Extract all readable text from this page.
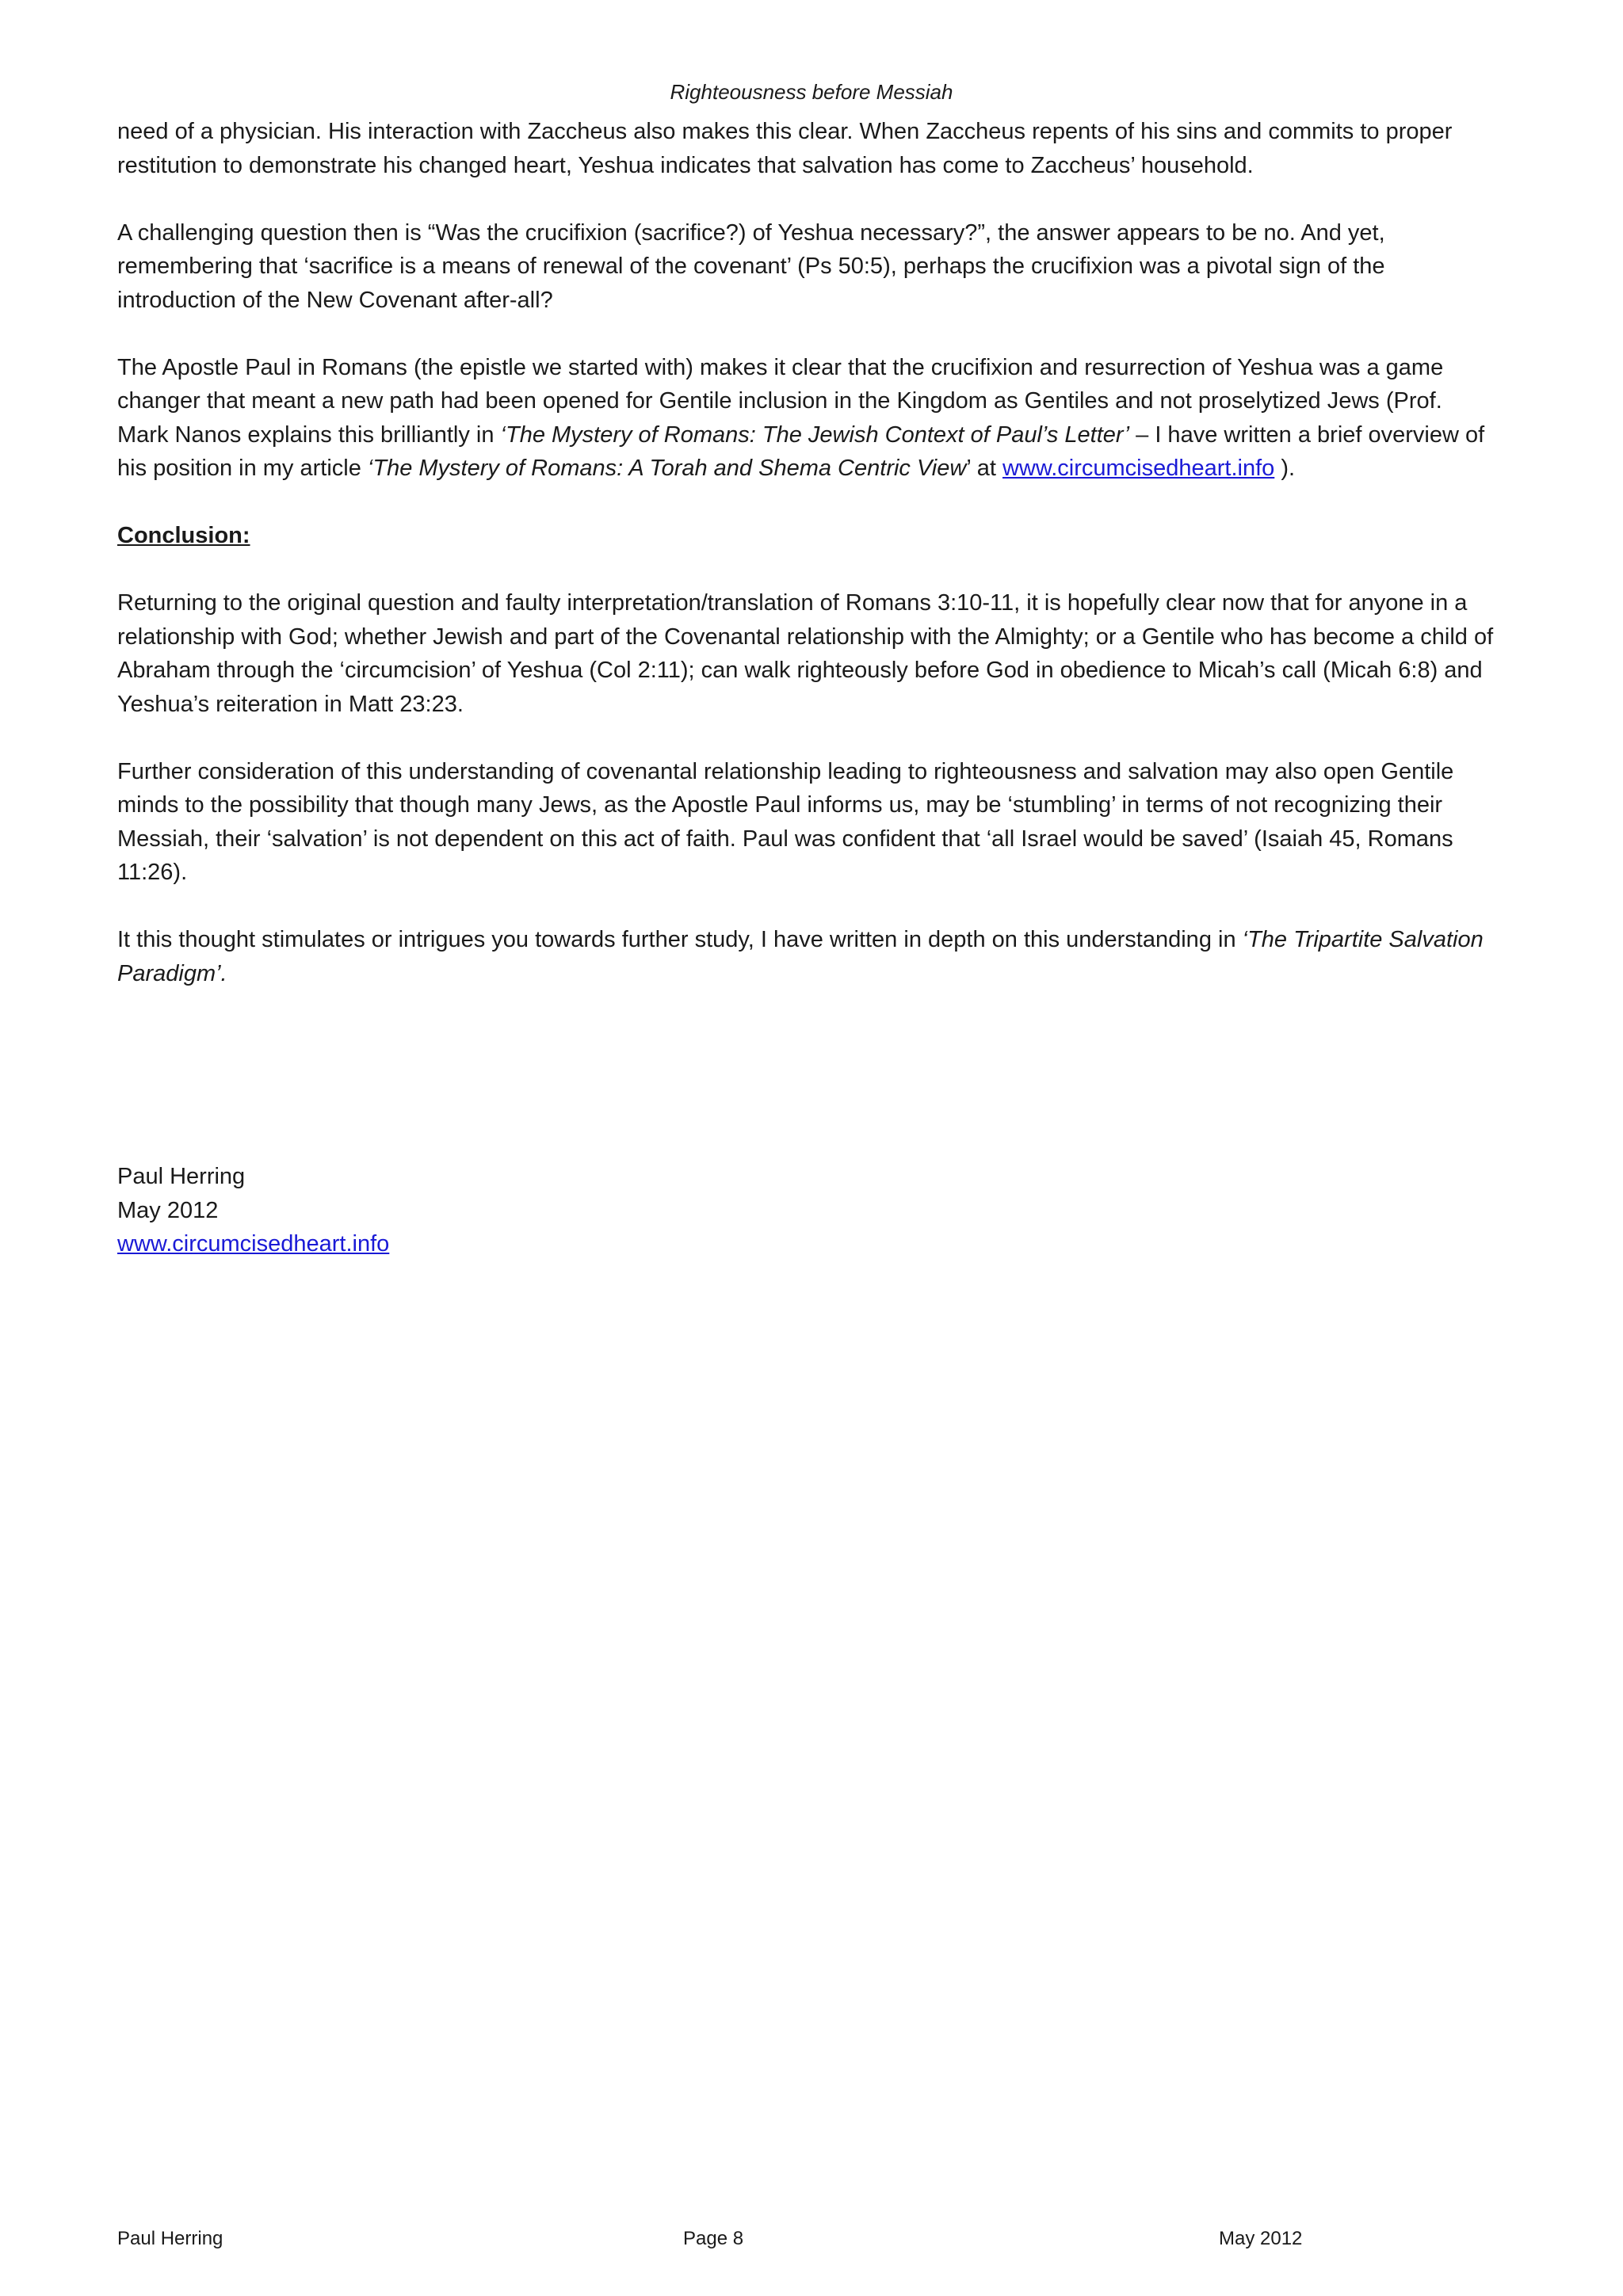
Righteousness before Messiah

need of a physician. His interaction with Zaccheus also makes this clear. When Zaccheus repents of his sins and commits to proper restitution to demonstrate his changed heart, Yeshua indicates that salvation has come to Zaccheus’ household.

A challenging question then is “Was the crucifixion (sacrifice?) of Yeshua necessary?”, the answer appears to be no. And yet, remembering that ‘sacrifice is a means of renewal of the covenant’ (Ps 50:5), perhaps the crucifixion was a pivotal sign of the introduction of the New Covenant after-all?

The Apostle Paul in Romans (the epistle we started with) makes it clear that the crucifixion and resurrection of Yeshua was a game changer that meant a new path had been opened for Gentile inclusion in the Kingdom as Gentiles and not proselytized Jews (Prof. Mark Nanos explains this brilliantly in ‘The Mystery of Romans: The Jewish Context of Paul’s Letter’ – I have written a brief overview of his position in my article ‘The Mystery of Romans: A Torah and Shema Centric View’ at www.circumcisedheart.info ).

Conclusion:

Returning to the original question and faulty interpretation/translation of Romans 3:10-11, it is hopefully clear now that for anyone in a relationship with God; whether Jewish and part of the Covenantal relationship with the Almighty; or a Gentile who has become a child of Abraham through the ‘circumcision’ of Yeshua (Col 2:11); can walk righteously before God in obedience to Micah’s call (Micah 6:8) and Yeshua’s reiteration in Matt 23:23.

Further consideration of this understanding of covenantal relationship leading to righteousness and salvation may also open Gentile minds to the possibility that though many Jews, as the Apostle Paul informs us, may be ‘stumbling’ in terms of not recognizing their Messiah, their ‘salvation’ is not dependent on this act of faith. Paul was confident that ‘all Israel would be saved’ (Isaiah 45, Romans 11:26).

It this thought stimulates or intrigues you towards further study, I have written in depth on this understanding in ‘The Tripartite Salvation Paradigm’.

Paul Herring
May 2012
www.circumcisedheart.info
Paul Herring	Page 8	May 2012
